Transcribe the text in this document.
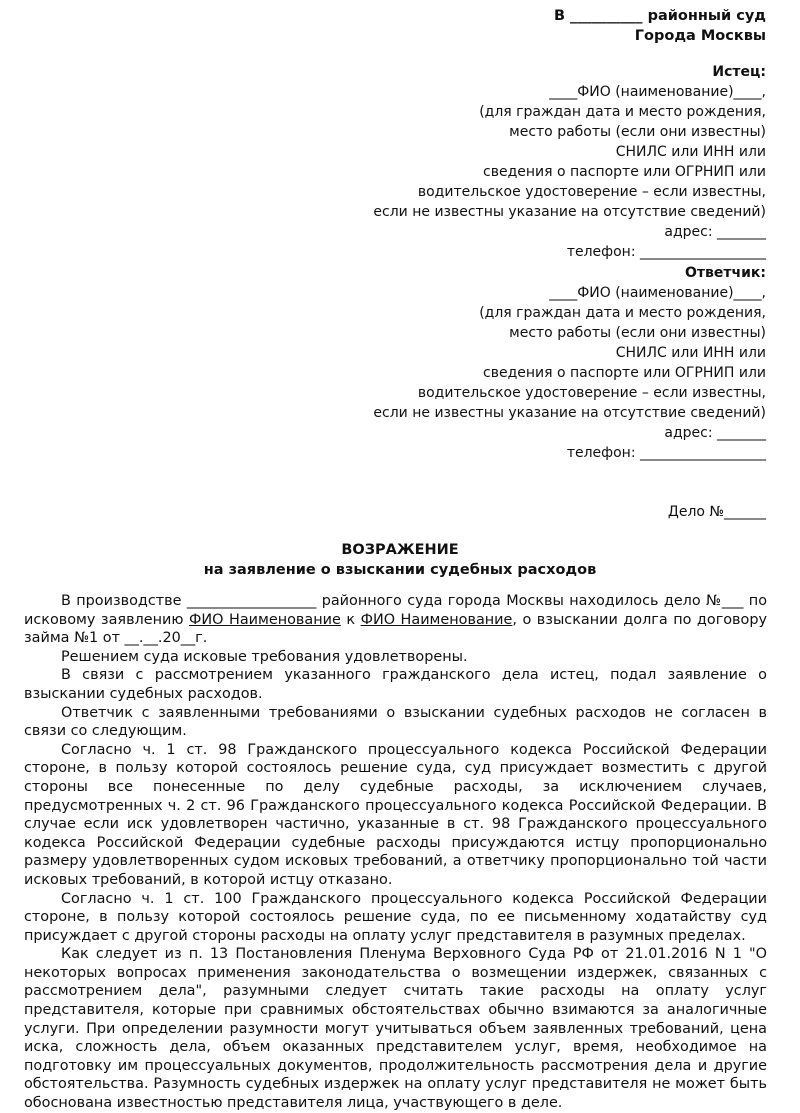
В __________ районный суд
Города Москвы
Истец:
____ФИО (наименование)____,
(для граждан дата и место рождения,
место работы (если они известны)
СНИЛС или ИНН или
сведения о паспорте или ОГРНИП или
водительское удостоверение – если известны,
если не известны указание на отсутствие сведений)
адрес: _______
телефон: __________________
Ответчик:
____ФИО (наименование)____,
(для граждан дата и место рождения,
место работы (если они известны)
СНИЛС или ИНН или
сведения о паспорте или ОГРНИП или
водительское удостоверение – если известны,
если не известны указание на отсутствие сведений)
адрес: _______
телефон: __________________
Дело №______
ВОЗРАЖЕНИЕ
на заявление о взыскании судебных расходов

В производстве __________________ районного суда города Москвы находилось дело №___ по исковому заявлению ФИО Наименование к ФИО Наименование, о взыскании долга по договору займа №1 от __.__.20__г.

Решением суда исковые требования удовлетворены.

В связи с рассмотрением указанного гражданского дела истец, подал заявление о взыскании судебных расходов.

Ответчик с заявленными требованиями о взыскании судебных расходов не согласен в связи со следующим.

Согласно ч. 1 ст. 98 Гражданского процессуального кодекса Российской Федерации стороне, в пользу которой состоялось решение суда, суд присуждает возместить с другой стороны все понесенные по делу судебные расходы, за исключением случаев, предусмотренных ч. 2 ст. 96 Гражданского процессуального кодекса Российской Федерации. В случае если иск удовлетворен частично, указанные в ст. 98 Гражданского процессуального кодекса Российской Федерации судебные расходы присуждаются истцу пропорционально размеру удовлетворенных судом исковых требований, а ответчику пропорционально той части исковых требований, в которой истцу отказано.

Согласно ч. 1 ст. 100 Гражданского процессуального кодекса Российской Федерации стороне, в пользу которой состоялось решение суда, по ее письменному ходатайству суд присуждает с другой стороны расходы на оплату услуг представителя в разумных пределах.

Как следует из п. 13 Постановления Пленума Верховного Суда РФ от 21.01.2016 N 1 "О некоторых вопросах применения законодательства о возмещении издержек, связанных с рассмотрением дела", разумными следует считать такие расходы на оплату услуг представителя, которые при сравнимых обстоятельствах обычно взимаются за аналогичные услуги. При определении разумности могут учитываться объем заявленных требований, цена иска, сложность дела, объем оказанных представителем услуг, время, необходимое на подготовку им процессуальных документов, продолжительность рассмотрения дела и другие обстоятельства. Разумность судебных издержек на оплату услуг представителя не может быть обоснована известностью представителя лица, участвующего в деле.
